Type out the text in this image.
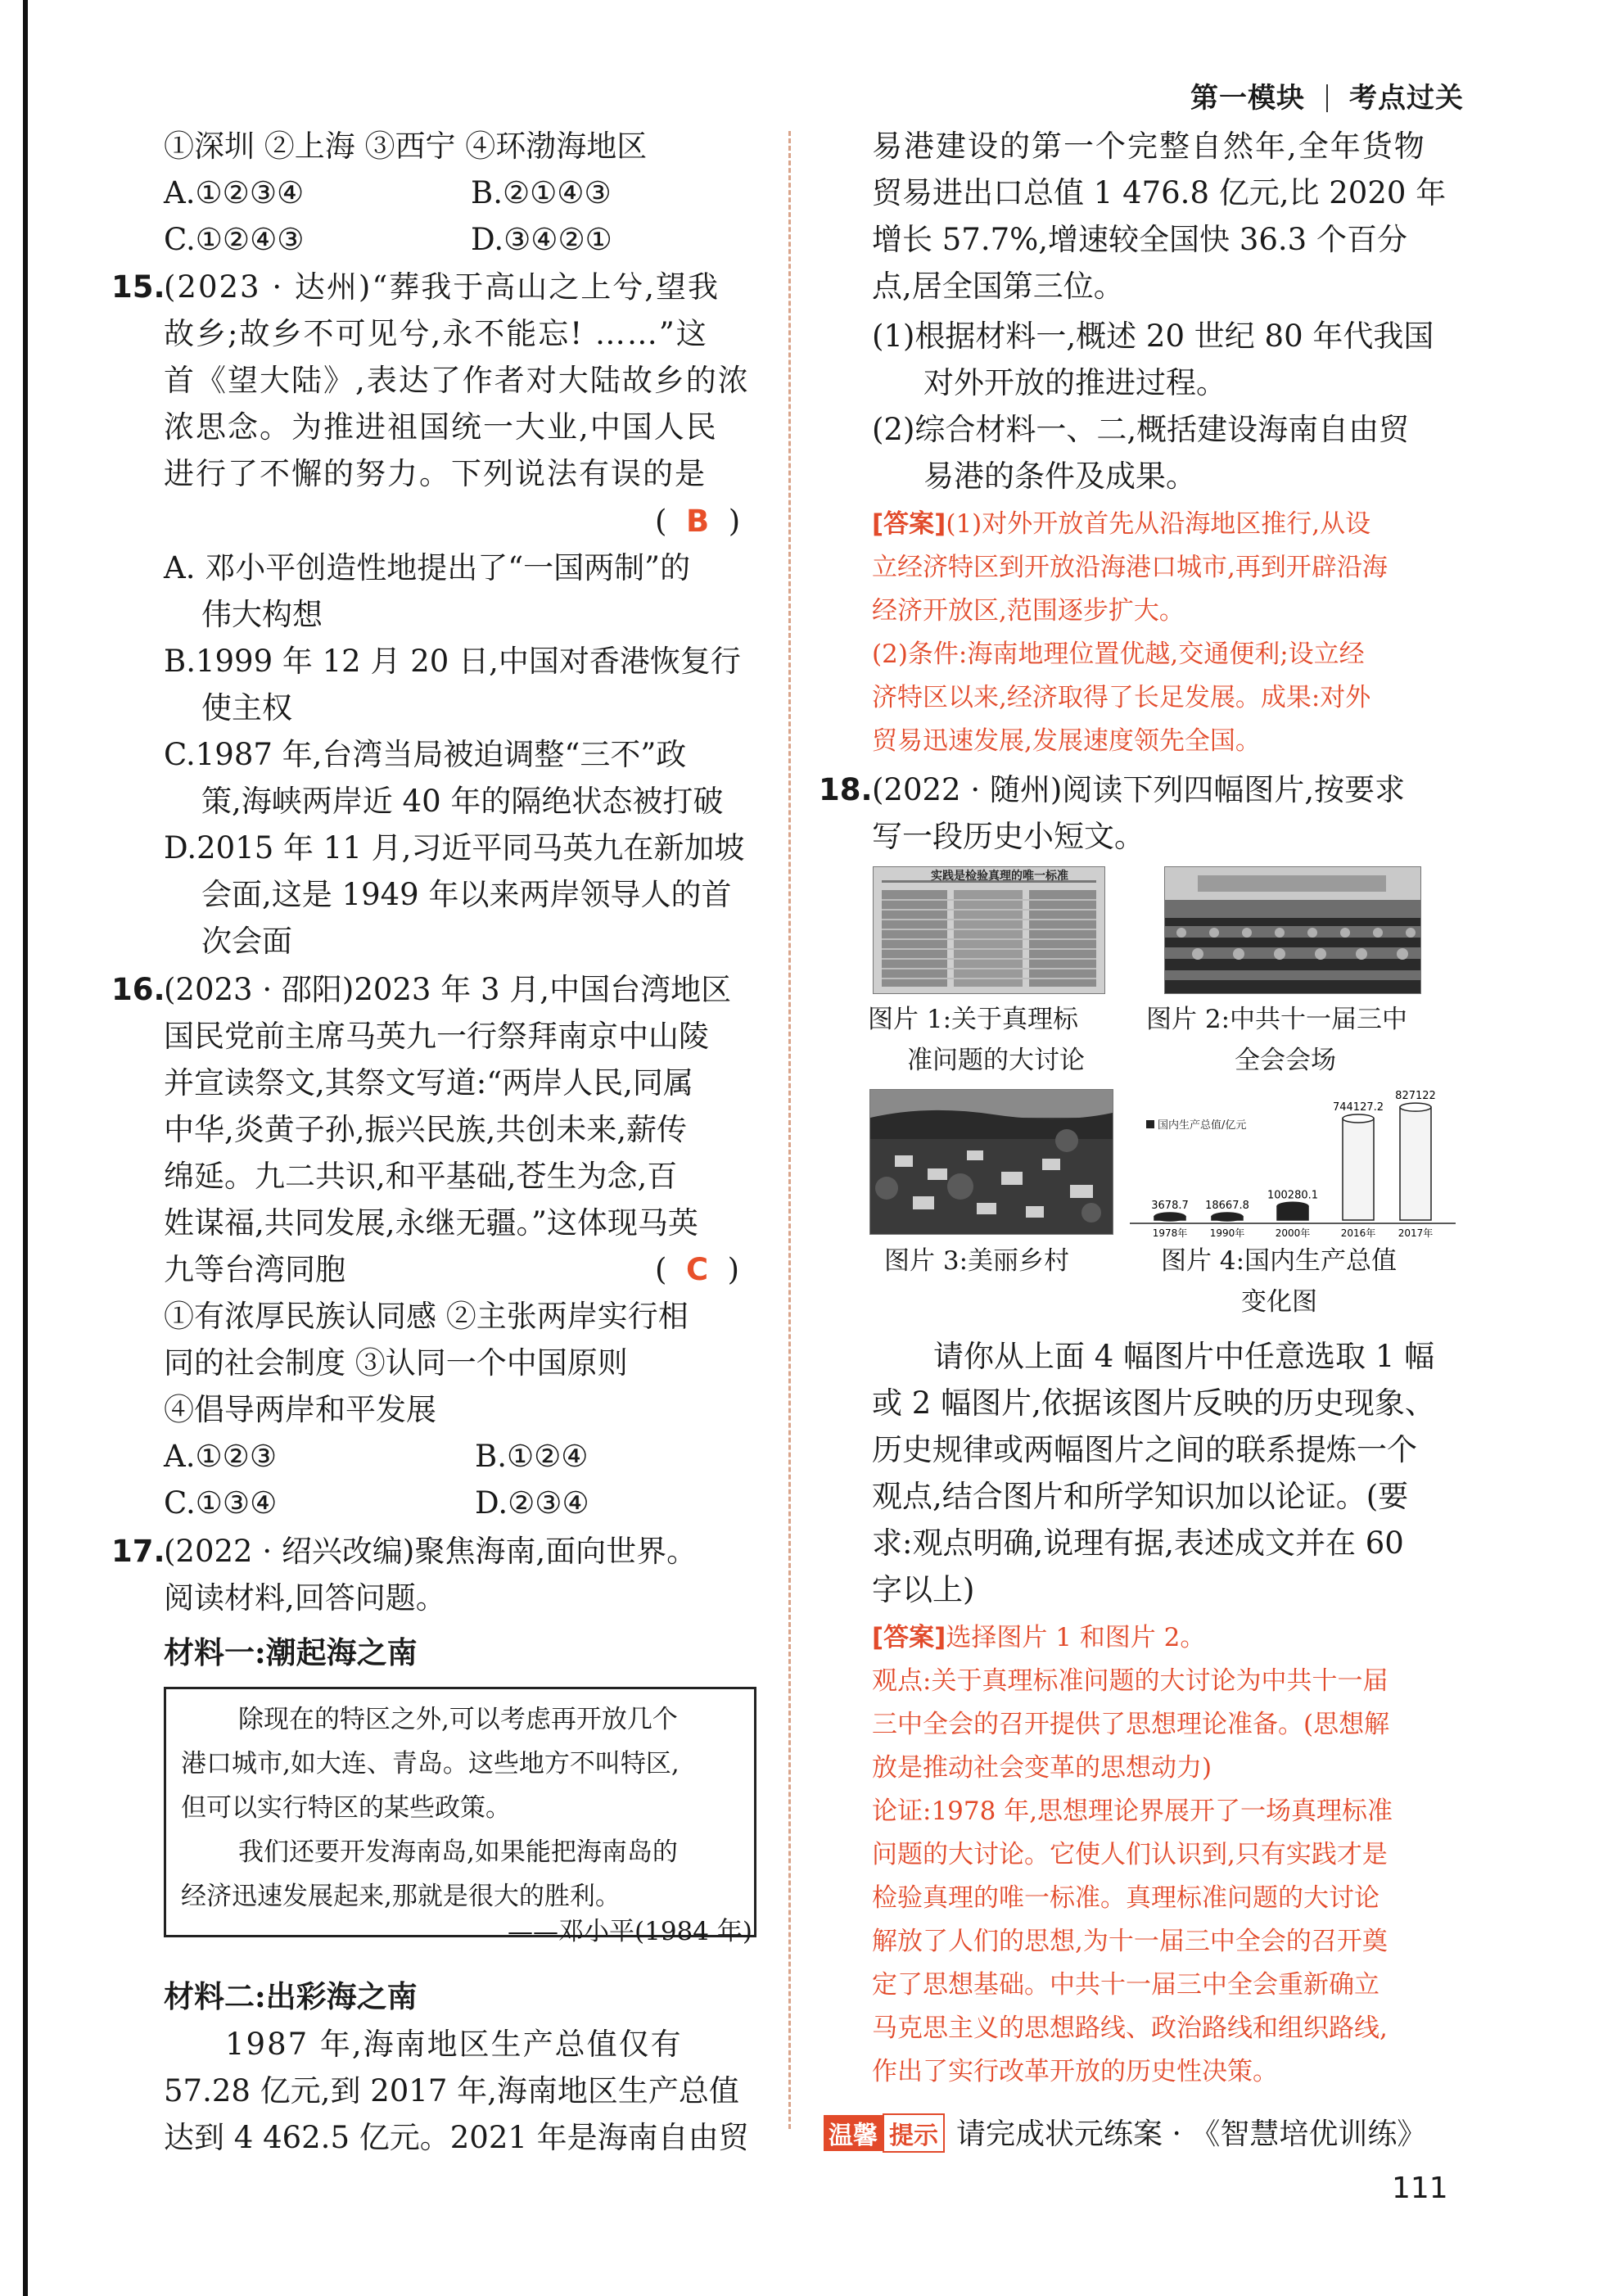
第一模块 考点过关
①深圳 ②上海 ③西宁 ④环渤海地区
A.①②③④	B.②①④③
C.①②④③	D.③④②①
15.
(2023 · 达州)“葬我于高山之上兮,望我
故乡;故乡不可见兮,永不能忘! ……”这
首《望大陆》,表达了作者对大陆故乡的浓
浓思念。为推进祖国统一大业,中国人民
进行了不懈的努力。下列说法有误的是
(  B  )
A. 邓小平创造性地提出了“一国两制”的
伟大构想
B.1999 年 12 月 20 日,中国对香港恢复行
使主权
C.1987 年,台湾当局被迫调整“三不”政
策,海峡两岸近 40 年的隔绝状态被打破
D.2015 年 11 月,习近平同马英九在新加坡
会面,这是 1949 年以来两岸领导人的首
次会面
16.
(2023 · 邵阳)2023 年 3 月,中国台湾地区
国民党前主席马英九一行祭拜南京中山陵
并宣读祭文,其祭文写道:“两岸人民,同属
中华,炎黄子孙,振兴民族,共创未来,薪传
绵延。九二共识,和平基础,苍生为念,百
姓谋福,共同发展,永继无疆。”这体现马英
九等台湾同胞	(  C  )
①有浓厚民族认同感 ②主张两岸实行相
同的社会制度 ③认同一个中国原则
④倡导两岸和平发展
A.①②③	B.①②④
C.①③④	D.②③④
17.
(2022 · 绍兴改编)聚焦海南,面向世界。
阅读材料,回答问题。
材料一:潮起海之南
除现在的特区之外,可以考虑再开放几个
港口城市,如大连、青岛。这些地方不叫特区,
但可以实行特区的某些政策。
我们还要开发海南岛,如果能把海南岛的
经济迅速发展起来,那就是很大的胜利。
——邓小平(1984 年)
材料二:出彩海之南
1987 年,海南地区生产总值仅有
57.28 亿元,到 2017 年,海南地区生产总值
达到 4 462.5 亿元。2021 年是海南自由贸
易港建设的第一个完整自然年,全年货物
贸易进出口总值 1 476.8 亿元,比 2020 年
增长 57.7%,增速较全国快 36.3 个百分
点,居全国第三位。
(1)根据材料一,概述 20 世纪 80 年代我国
对外开放的推进过程。
(2)综合材料一、二,概括建设海南自由贸
易港的条件及成果。
[答案](1)对外开放首先从沿海地区推行,从设
立经济特区到开放沿海港口城市,再到开辟沿海
经济开放区,范围逐步扩大。
(2)条件:海南地理位置优越,交通便利;设立经
济特区以来,经济取得了长足发展。成果:对外
贸易迅速发展,发展速度领先全国。
18. (2022 · 随州)阅读下列四幅图片,按要求
写一段历史小短文。
实践是检验真理的唯一标准
图片 1:关于真理标
准问题的大讨论
图片 2:中共十一届三中
全会会场
图片 3:美丽乡村
国内生产总值/亿元
3678.7
1978年
18667.8
1990年
100280.1
2000年
744127.2
2016年
827122
2017年
图片 4:国内生产总值
变化图
请你从上面 4 幅图片中任意选取 1 幅
或 2 幅图片,依据该图片反映的历史现象、
历史规律或两幅图片之间的联系提炼一个
观点,结合图片和所学知识加以论证。(要
求:观点明确,说理有据,表述成文并在 60
字以上)
[答案]选择图片 1 和图片 2。
观点:关于真理标准问题的大讨论为中共十一届
三中全会的召开提供了思想理论准备。(思想解
放是推动社会变革的思想动力)
论证:1978 年,思想理论界展开了一场真理标准
问题的大讨论。它使人们认识到,只有实践才是
检验真理的唯一标准。真理标准问题的大讨论
解放了人们的思想,为十一届三中全会的召开奠
定了思想基础。中共十一届三中全会重新确立
马克思主义的思想路线、政治路线和组织路线,
作出了实行改革开放的历史性决策。
温馨 提示 请完成状元练案 · 《智慧培优训练》
111
